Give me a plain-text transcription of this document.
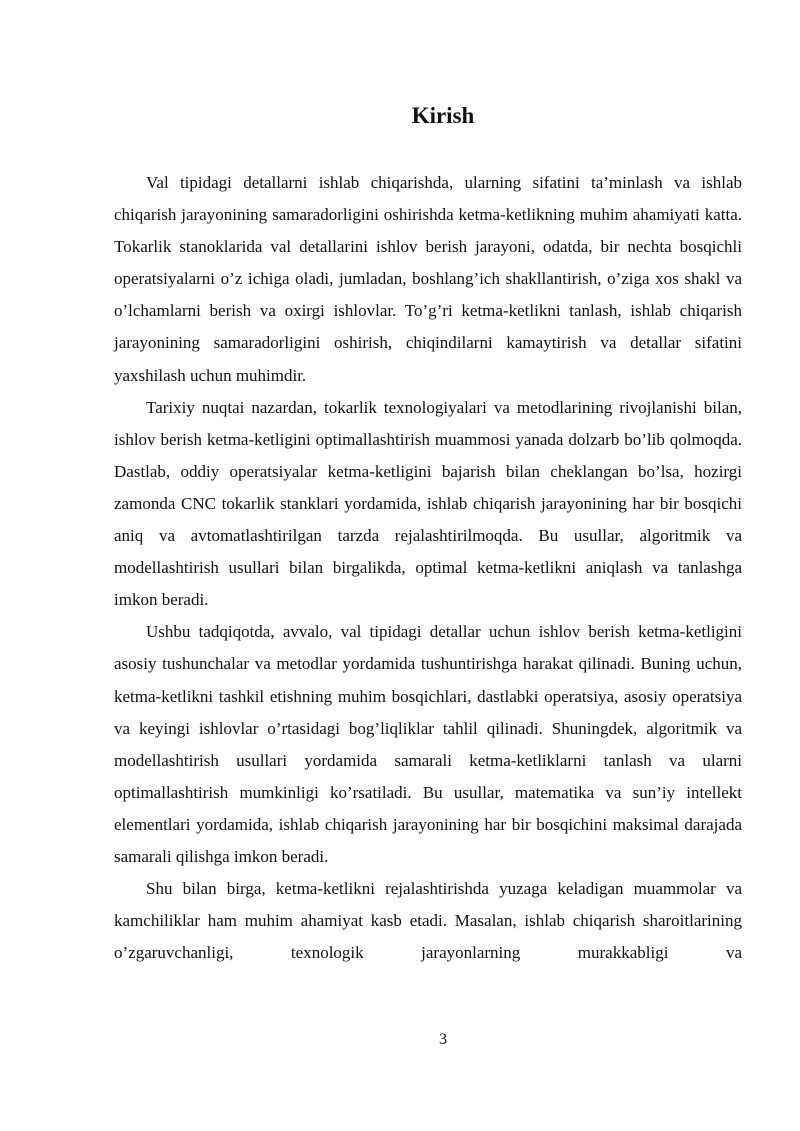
Kirish

Val tipidagi detallarni ishlab chiqarishda, ularning sifatini ta’minlash va ishlab chiqarish jarayonining samaradorligini oshirishda ketma-ketlikning muhim ahamiyati katta. Tokarlik stanoklarida val detallarini ishlov berish jarayoni, odatda, bir nechta bosqichli operatsiyalarni o’z ichiga oladi, jumladan, boshlang’ich shakllantirish, o’ziga xos shakl va o’lchamlarni berish va oxirgi ishlovlar. To’g’ri ketma-ketlikni tanlash, ishlab chiqarish jarayonining samaradorligini oshirish, chiqindilarni kamaytirish va detallar sifatini yaxshilash uchun muhimdir.

Tarixiy nuqtai nazardan, tokarlik texnologiyalari va metodlarining rivojlanishi bilan, ishlov berish ketma-ketligini optimallashtirish muammosi yanada dolzarb bo’lib qolmoqda. Dastlab, oddiy operatsiyalar ketma-ketligini bajarish bilan cheklangan bo’lsa, hozirgi zamonda CNC tokarlik stanklari yordamida, ishlab chiqarish jarayonining har bir bosqichi aniq va avtomatlashtirilgan tarzda rejalashtirilmoqda. Bu usullar, algoritmik va modellashtirish usullari bilan birgalikda, optimal ketma-ketlikni aniqlash va tanlashga imkon beradi.

Ushbu tadqiqotda, avvalo, val tipidagi detallar uchun ishlov berish ketma-ketligini asosiy tushunchalar va metodlar yordamida tushuntirishga harakat qilinadi. Buning uchun, ketma-ketlikni tashkil etishning muhim bosqichlari, dastlabki operatsiya, asosiy operatsiya va keyingi ishlovlar o’rtasidagi bog’liqliklar tahlil qilinadi. Shuningdek, algoritmik va modellashtirish usullari yordamida samarali ketma-ketliklarni tanlash va ularni optimallashtirish mumkinligi ko’rsatiladi. Bu usullar, matematika va sun’iy intellekt elementlari yordamida, ishlab chiqarish jarayonining har bir bosqichini maksimal darajada samarali qilishga imkon beradi.

Shu bilan birga, ketma-ketlikni rejalashtirishda yuzaga keladigan muammolar va kamchiliklar ham muhim ahamiyat kasb etadi. Masalan, ishlab chiqarish sharoitlarining o’zgaruvchanligi, texnologik jarayonlarning murakkabligi va

3
